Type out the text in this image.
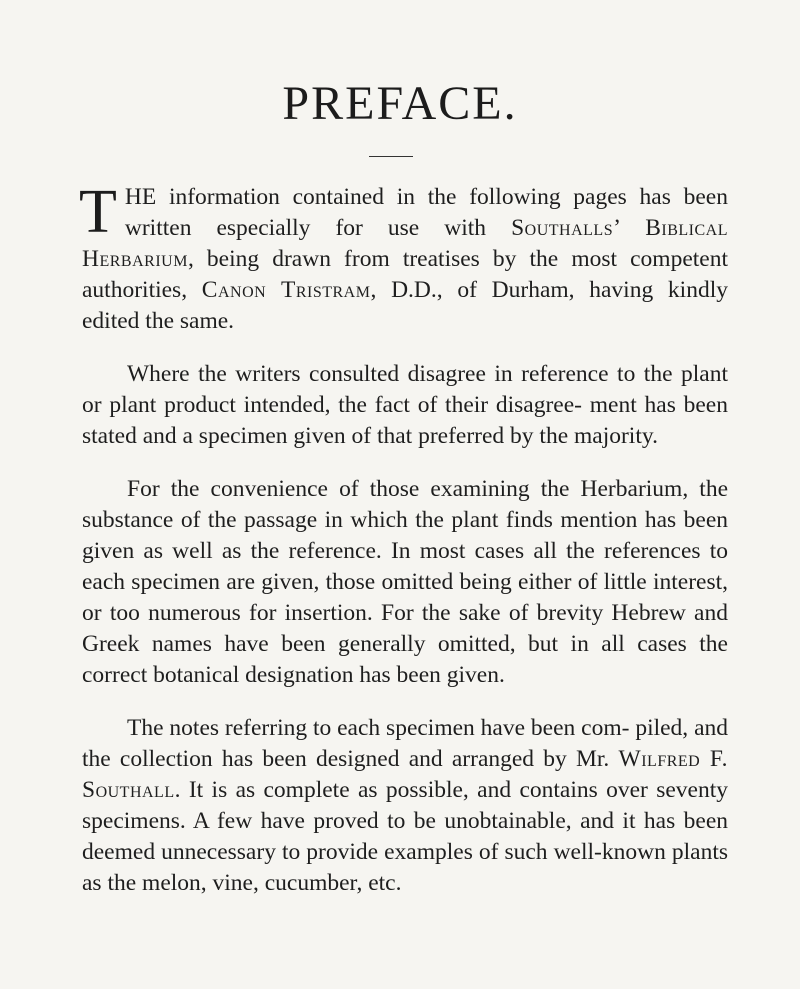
PREFACE.

THE information contained in the following pages has been written especially for use with Southalls’ Biblical Herbarium, being drawn from treatises by the most competent authorities, Canon Tristram, D.D., of Durham, having kindly edited the same.

Where the writers consulted disagree in reference to the plant or plant product intended, the fact of their disagree- ment has been stated and a specimen given of that preferred by the majority.

For the convenience of those examining the Herbarium, the substance of the passage in which the plant finds mention has been given as well as the reference. In most cases all the references to each specimen are given, those omitted being either of little interest, or too numerous for insertion. For the sake of brevity Hebrew and Greek names have been generally omitted, but in all cases the correct botanical designation has been given.

The notes referring to each specimen have been com- piled, and the collection has been designed and arranged by Mr. Wilfred F. Southall. It is as complete as possible, and contains over seventy specimens. A few have proved to be unobtainable, and it has been deemed unnecessary to provide examples of such well-known plants as the melon, vine, cucumber, etc.
